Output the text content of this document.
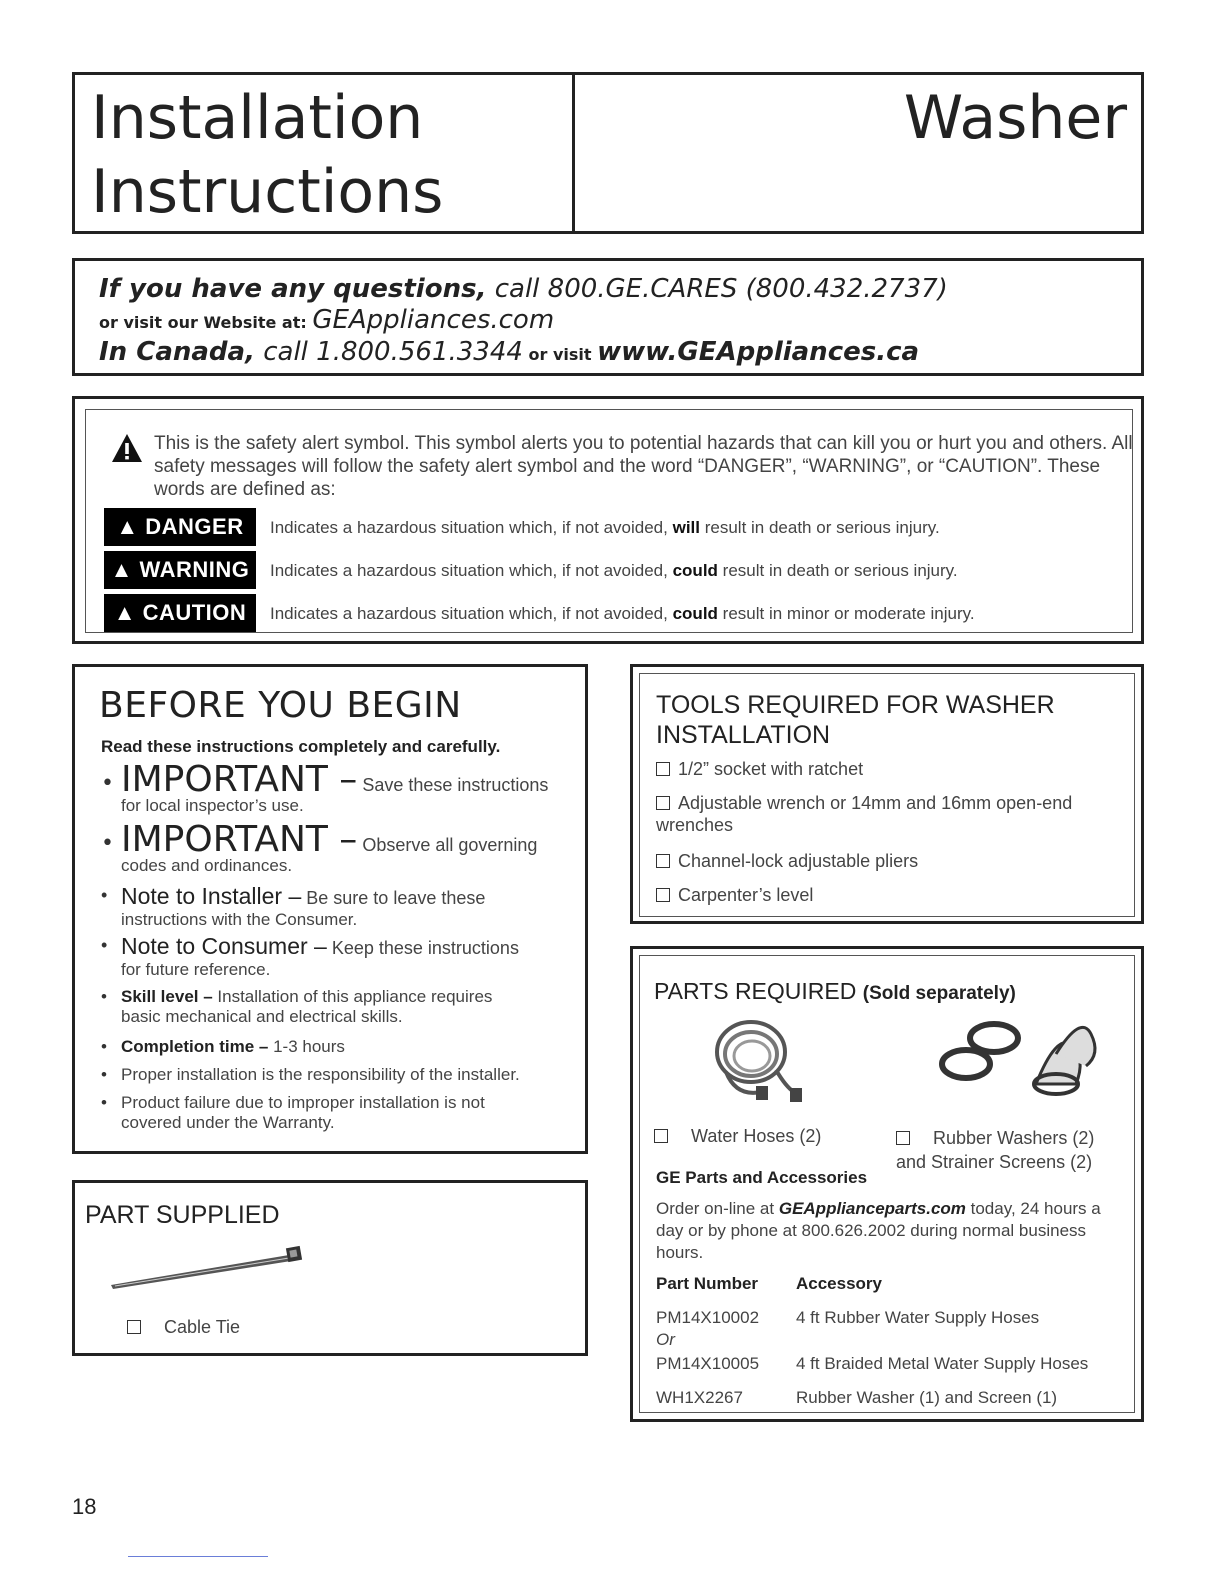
Installation
Instructions
Washer
If you have any questions, call 800.GE.CARES (800.432.2737)
or visit our Website at: GEAppliances.com
In Canada, call 1.800.561.3344 or visit www.GEAppliances.ca
This is the safety alert symbol. This symbol alerts you to potential hazards that can kill you or hurt you and others. All safety messages will follow the safety alert symbol and the word “DANGER”, “WARNING”, or “CAUTION”. These words are defined as:
▲ DANGER	Indicates a hazardous situation which, if not avoided, will result in death or serious injury.
▲ WARNING	Indicates a hazardous situation which, if not avoided, could result in death or serious injury.
▲ CAUTION	Indicates a hazardous situation which, if not avoided, could result in minor or moderate injury.
BEFORE YOU BEGIN
Read these instructions completely and carefully.
• IMPORTANT – Save these instructions
for local inspector’s use.
• IMPORTANT – Observe all governing
codes and ordinances.
• Note to Installer – Be sure to leave these
instructions with the Consumer.
• Note to Consumer – Keep these instructions
for future reference.
• Skill level – Installation of this appliance requires
basic mechanical and electrical skills.
• Completion time – 1-3 hours
• Proper installation is the responsibility of the installer.
• Product failure due to improper installation is not
covered under the Warranty.
PART SUPPLIED
Cable Tie
TOOLS REQUIRED FOR WASHER INSTALLATION
1/2” socket with ratchet
Adjustable wrench or 14mm and 16mm open-end wrenches
Channel-lock adjustable pliers
Carpenter’s level
PARTS REQUIRED (Sold separately)
Water Hoses (2)	Rubber Washers (2)
and Strainer Screens (2)
GE Parts and Accessories
Order on-line at GEApplianceparts.com today, 24 hours a day or by phone at 800.626.2002 during normal business hours.
Part Number Accessory
PM14X10002 4 ft Rubber Water Supply Hoses
Or
PM14X10005 4 ft Braided Metal Water Supply Hoses
WH1X2267	Rubber Washer (1) and Screen (1)
18
